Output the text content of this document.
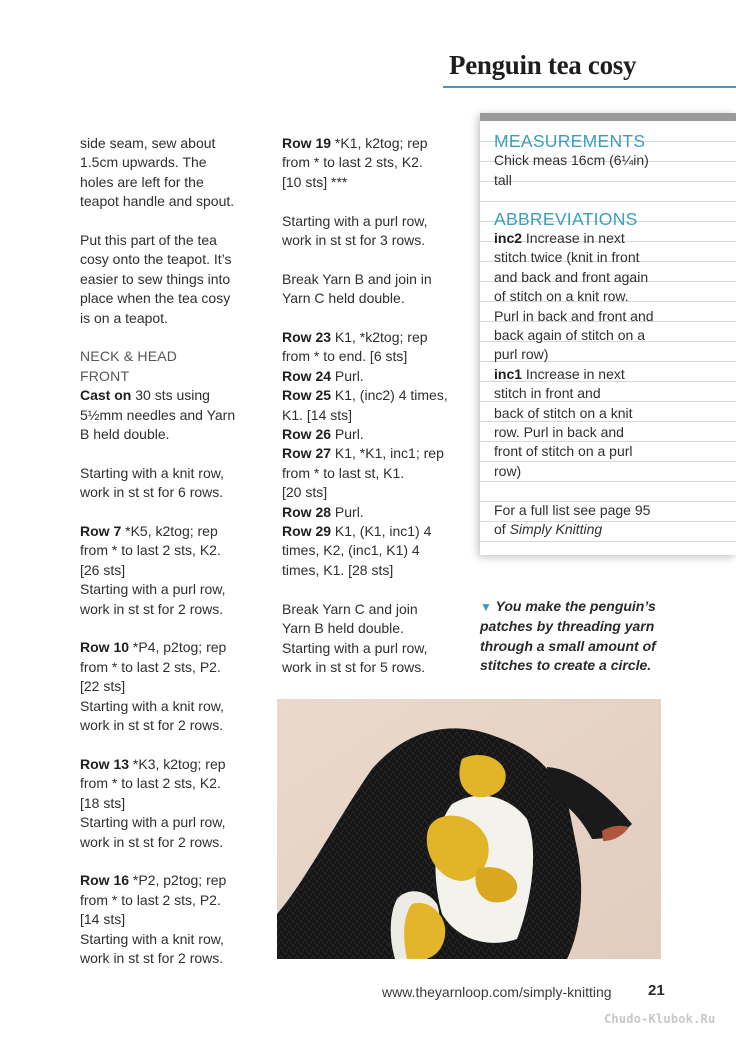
Penguin tea cosy
side seam, sew about
1.5cm upwards. The
holes are left for the
teapot handle and spout.
Put this part of the tea
cosy onto the teapot. It’s
easier to sew things into
place when the tea cosy
is on a teapot.
NECK & HEAD
FRONT
Cast on 30 sts using
5½mm needles and Yarn
B held double.
Starting with a knit row,
work in st st for 6 rows.
Row 7 *K5, k2tog; rep
from * to last 2 sts, K2.
[26 sts]
Starting with a purl row,
work in st st for 2 rows.
Row 10 *P4, p2tog; rep
from * to last 2 sts, P2.
[22 sts]
Starting with a knit row,
work in st st for 2 rows.
Row 13 *K3, k2tog; rep
from * to last 2 sts, K2.
[18 sts]
Starting with a purl row,
work in st st for 2 rows.
Row 16 *P2, p2tog; rep
from * to last 2 sts, P2.
[14 sts]
Starting with a knit row,
work in st st for 2 rows.
Row 19 *K1, k2tog; rep
from * to last 2 sts, K2.
[10 sts] ***
Starting with a purl row,
work in st st for 3 rows.
Break Yarn B and join in
Yarn C held double.
Row 23 K1, *k2tog; rep
from * to end. [6 sts]
Row 24 Purl.
Row 25 K1, (inc2) 4 times,
K1. [14 sts]
Row 26 Purl.
Row 27 K1, *K1, inc1; rep
from * to last st, K1.
[20 sts]
Row 28 Purl.
Row 29 K1, (K1, inc1) 4
times, K2, (inc1, K1) 4
times, K1. [28 sts]
Break Yarn C and join
Yarn B held double.
Starting with a purl row,
work in st st for 5 rows.
MEASUREMENTS
Chick meas 16cm (6¼in)
tall
ABBREVIATIONS
inc2 Increase in next
stitch twice (knit in front
and back and front again
of stitch on a knit row.
Purl in back and front and
back again of stitch on a
purl row)
inc1 Increase in next
stitch in front and
back of stitch on a knit
row. Purl in back and
front of stitch on a purl
row)
For a full list see page 95
of Simply Knitting
▼ You make the penguin’s
patches by threading yarn
through a small amount of
stitches to create a circle.
www.theyarnloop.com/simply-knitting 21
Chudo-Klubok.Ru
